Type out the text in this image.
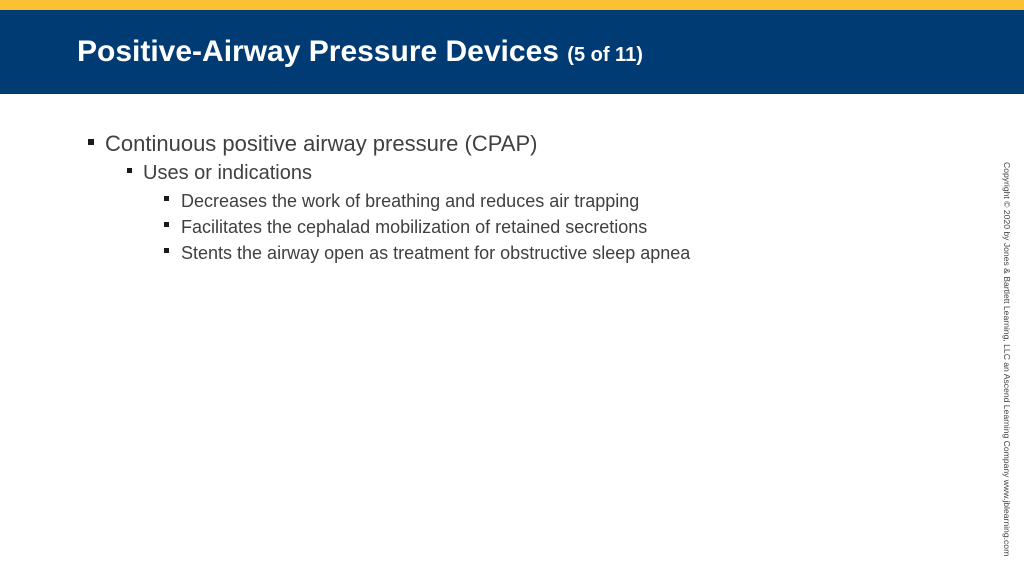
Positive-Airway Pressure Devices (5 of 11)
Continuous positive airway pressure (CPAP)
Uses or indications
Decreases the work of breathing and reduces air trapping
Facilitates the cephalad mobilization of retained secretions
Stents the airway open as treatment for obstructive sleep apnea	Copyright © 2020 by Jones & Bartlett Learning, LLC an Ascend Learning Company www.jblearning.com
